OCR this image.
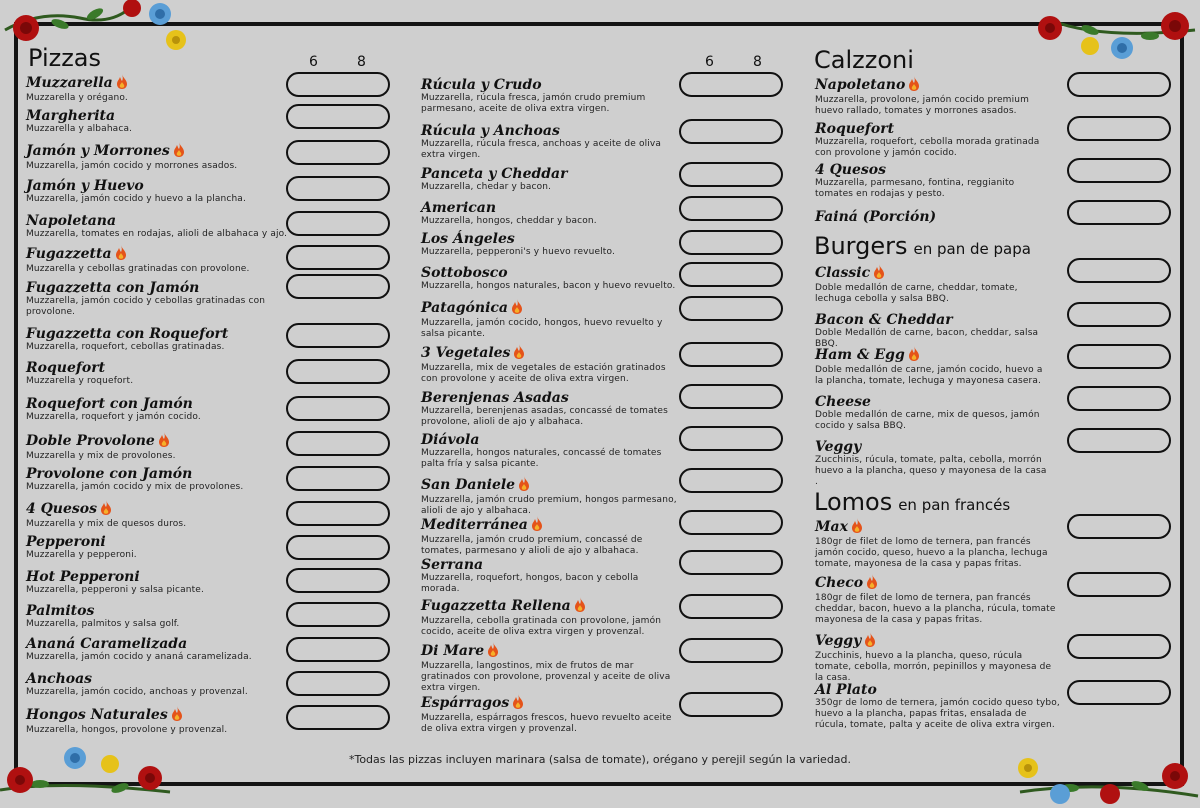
Pizzas	Calzzoni
Burgers en pan de papa
Lomos en pan francés
6	8	6	8
Muzzarella
Muzzarella y orégano.
Margherita
Muzzarella y albahaca.
Jamón y Morrones
Muzzarella, jamón cocido y morrones asados.
Jamón y Huevo
Muzzarella, jamón cocido y huevo a la plancha.
Napoletana
Muzzarella, tomates en rodajas, alioli de albahaca y ajo.
Fugazzetta
Muzzarella y cebollas gratinadas con provolone.
Fugazzetta con Jamón
Muzzarella, jamón cocido y cebollas gratinadas con provolone.
Fugazzetta con Roquefort
Muzzarella, roquefort, cebollas gratinadas.
Roquefort
Muzzarella y roquefort.
Roquefort con Jamón
Muzzarella, roquefort y jamón cocido.
Doble Provolone
Muzzarella y mix de provolones.
Provolone con Jamón
Muzzarella, jamón cocido y mix de provolones.
4 Quesos
Muzzarella y mix de quesos duros.
Pepperoni
Muzzarella y pepperoni.
Hot Pepperoni
Muzzarella, pepperoni y salsa picante.
Palmitos
Muzzarella, palmitos y salsa golf.
Ananá Caramelizada
Muzzarella, jamón cocido y ananá caramelizada.
Anchoas
Muzzarella, jamón cocido, anchoas y provenzal.
Hongos Naturales
Muzzarella, hongos, provolone y provenzal.
Rúcula y Crudo
Muzzarella, rúcula fresca, jamón crudo premium parmesano, aceite de oliva extra virgen.
Rúcula y Anchoas
Muzzarella, rúcula fresca, anchoas y aceite de oliva extra virgen.
Panceta y Cheddar
Muzzarella, chedar y bacon.
American
Muzzarella, hongos, cheddar y bacon.
Los Ángeles
Muzzarella, pepperoni's y huevo revuelto.
Sottobosco
Muzzarella, hongos naturales, bacon y huevo revuelto.
Patagónica
Muzzarella, jamón cocido, hongos, huevo revuelto y salsa picante.
3 Vegetales
Muzzarella, mix de vegetales de estación gratinados con provolone y aceite de oliva extra virgen.
Berenjenas Asadas
Muzzarella, berenjenas asadas, concassé de tomates provolone, alioli de ajo y albahaca.
Diávola
Muzzarella, hongos naturales, concassé de tomates palta fría y salsa picante.
San Daniele
Muzzarella, jamón crudo premium, hongos parmesano, alioli de ajo y albahaca.
Mediterránea
Muzzarella, jamón crudo premium, concassé de tomates, parmesano y alioli de ajo y albahaca.
Serrana
Muzzarella, roquefort, hongos, bacon y cebolla morada.
Fugazzetta Rellena
Muzzarella, cebolla gratinada con provolone, jamón cocido, aceite de oliva extra virgen y provenzal.
Di Mare
Muzzarella, langostinos, mix de frutos de mar gratinados con provolone, provenzal y aceite de oliva extra virgen.
Espárragos
Muzzarella, espárragos frescos, huevo revuelto aceite de oliva extra virgen y provenzal.
Napoletano
Muzzarella, provolone, jamón cocido premium huevo rallado, tomates y morrones asados.
Roquefort
Muzzarella, roquefort, cebolla morada gratinada con provolone y jamón cocido.
4 Quesos
Muzzarella, parmesano, fontina, reggianito tomates en rodajas y pesto.
Fainá (Porción)
Classic
Doble medallón de carne, cheddar, tomate, lechuga cebolla y salsa BBQ.
Bacon & Cheddar
Doble Medallón de carne, bacon, cheddar, salsa BBQ.
Ham & Egg
Doble medallón de carne, jamón cocido, huevo a la plancha, tomate, lechuga y mayonesa casera.
Cheese
Doble medallón de carne, mix de quesos, jamón cocido y salsa BBQ.
Veggy
Zucchinis, rúcula, tomate, palta, cebolla, morrón huevo a la plancha, queso y mayonesa de la casa .
Max
180gr de filet de lomo de ternera, pan francés jamón cocido, queso, huevo a la plancha, lechuga tomate, mayonesa de la casa y papas fritas.
Checo
180gr de filet de lomo de ternera, pan francés cheddar, bacon, huevo a la plancha, rúcula, tomate mayonesa de la casa y papas fritas.
Veggy
Zucchinis, huevo a la plancha, queso, rúcula tomate, cebolla, morrón, pepinillos y mayonesa de la casa.
Al Plato
350gr de lomo de ternera, jamón cocido queso tybo, huevo a la plancha, papas fritas, ensalada de rúcula, tomate, palta y aceite de oliva extra virgen.
*Todas las pizzas incluyen marinara (salsa de tomate), orégano y perejil según la variedad.
